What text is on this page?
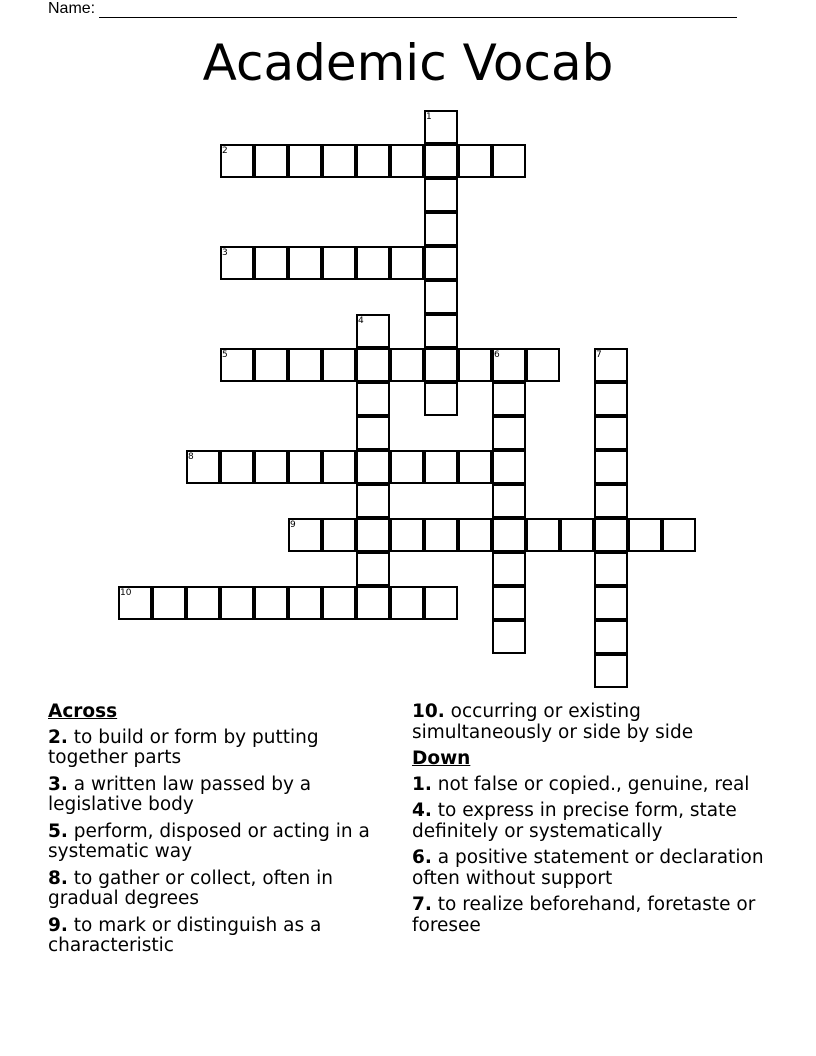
Name:
Academic Vocab
1
2
3
4
5	6	7
8
9
10
Across
2. to build or form by putting together parts
3. a written law passed by a legislative body
5. perform, disposed or acting in a systematic way
8. to gather or collect, often in gradual degrees
9. to mark or distinguish as a characteristic
10. occurring or existing simultaneously or side by side
Down
1. not false or copied., genuine, real
4. to express in precise form, state definitely or systematically
6. a positive statement or declaration often without support
7. to realize beforehand, foretaste or foresee
